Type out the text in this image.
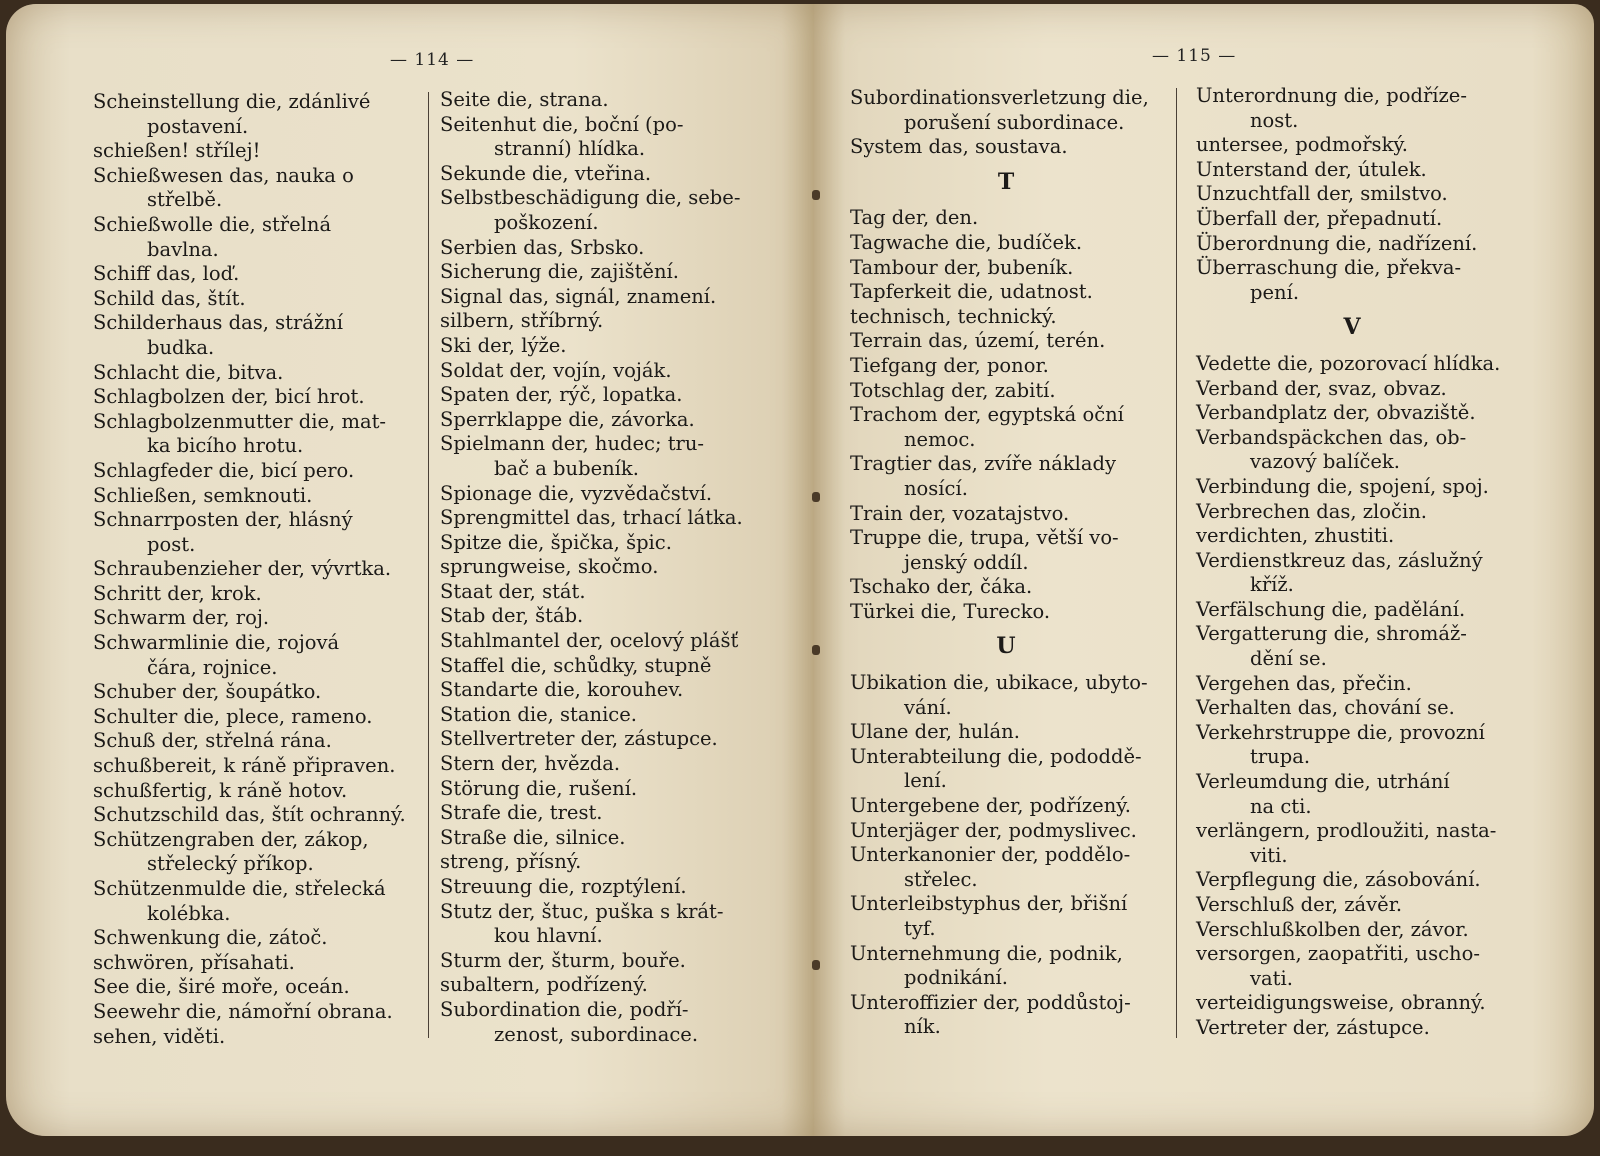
— 114 —	— 115 —
Scheinstellung die, zdánlivé
postavení.
schießen! střílej!
Schießwesen das, nauka o
střelbě.
Schießwolle die, střelná
bavlna.
Schiff das, loď.
Schild das, štít.
Schilderhaus das, strážní
budka.
Schlacht die, bitva.
Schlagbolzen der, bicí hrot.
Schlagbolzenmutter die, mat-
ka bicího hrotu.
Schlagfeder die, bicí pero.
Schließen, semknouti.
Schnarrposten der, hlásný
post.
Schraubenzieher der, vývrtka.
Schritt der, krok.
Schwarm der, roj.
Schwarmlinie die, rojová
čára, rojnice.
Schuber der, šoupátko.
Schulter die, plece, rameno.
Schuß der, střelná rána.
schußbereit, k ráně připraven.
schußfertig, k ráně hotov.
Schutzschild das, štít ochranný.
Schützengraben der, zákop,
střelecký příkop.
Schützenmulde die, střelecká
kolébka.
Schwenkung die, zátoč.
schwören, přísahati.
See die, širé moře, oceán.
Seewehr die, námořní obrana.
sehen, viděti.
Seite die, strana.
Seitenhut die, boční (po-
stranní) hlídka.
Sekunde die, vteřina.
Selbstbeschädigung die, sebe-
poškození.
Serbien das, Srbsko.
Sicherung die, zajištění.
Signal das, signál, znamení.
silbern, stříbrný.
Ski der, lýže.
Soldat der, vojín, voják.
Spaten der, rýč, lopatka.
Sperrklappe die, závorka.
Spielmann der, hudec; tru-
bač a bubeník.
Spionage die, vyzvědačství.
Sprengmittel das, trhací látka.
Spitze die, špička, špic.
sprungweise, skočmo.
Staat der, stát.
Stab der, štáb.
Stahlmantel der, ocelový plášť
Staffel die, schůdky, stupně
Standarte die, korouhev.
Station die, stanice.
Stellvertreter der, zástupce.
Stern der, hvězda.
Störung die, rušení.
Strafe die, trest.
Straße die, silnice.
streng, přísný.
Streuung die, rozptýlení.
Stutz der, štuc, puška s krát-
kou hlavní.
Sturm der, šturm, bouře.
subaltern, podřízený.
Subordination die, podří-
zenost, subordinace.
Subordinationsverletzung die,
porušení subordinace.
System das, soustava.
T
Tag der, den.
Tagwache die, budíček.
Tambour der, bubeník.
Tapferkeit die, udatnost.
technisch, technický.
Terrain das, území, terén.
Tiefgang der, ponor.
Totschlag der, zabití.
Trachom der, egyptská oční
nemoc.
Tragtier das, zvíře náklady
nosící.
Train der, vozatajstvo.
Truppe die, trupa, větší vo-
jenský oddíl.
Tschako der, čáka.
Türkei die, Turecko.
U
Ubikation die, ubikace, ubyto-
vání.
Ulane der, hulán.
Unterabteilung die, pododdě-
lení.
Untergebene der, podřízený.
Unterjäger der, podmyslivec.
Unterkanonier der, poddělo-
střelec.
Unterleibstyphus der, břišní
tyf.
Unternehmung die, podnik,
podnikání.
Unteroffizier der, poddůstoj-
ník.
Unterordnung die, podříze-
nost.
untersee, podmořský.
Unterstand der, útulek.
Unzuchtfall der, smilstvo.
Überfall der, přepadnutí.
Überordnung die, nadřízení.
Überraschung die, překva-
pení.
V
Vedette die, pozorovací hlídka.
Verband der, svaz, obvaz.
Verbandplatz der, obvaziště.
Verbandspäckchen das, ob-
vazový balíček.
Verbindung die, spojení, spoj.
Verbrechen das, zločin.
verdichten, zhustiti.
Verdienstkreuz das, záslužný
kříž.
Verfälschung die, padělání.
Vergatterung die, shromáž-
dění se.
Vergehen das, přečin.
Verhalten das, chování se.
Verkehrstruppe die, provozní
trupa.
Verleumdung die, utrhání
na cti.
verlängern, prodloužiti, nasta-
viti.
Verpflegung die, zásobování.
Verschluß der, závěr.
Verschlußkolben der, závor.
versorgen, zaopatřiti, uscho-
vati.
verteidigungsweise, obranný.
Vertreter der, zástupce.
